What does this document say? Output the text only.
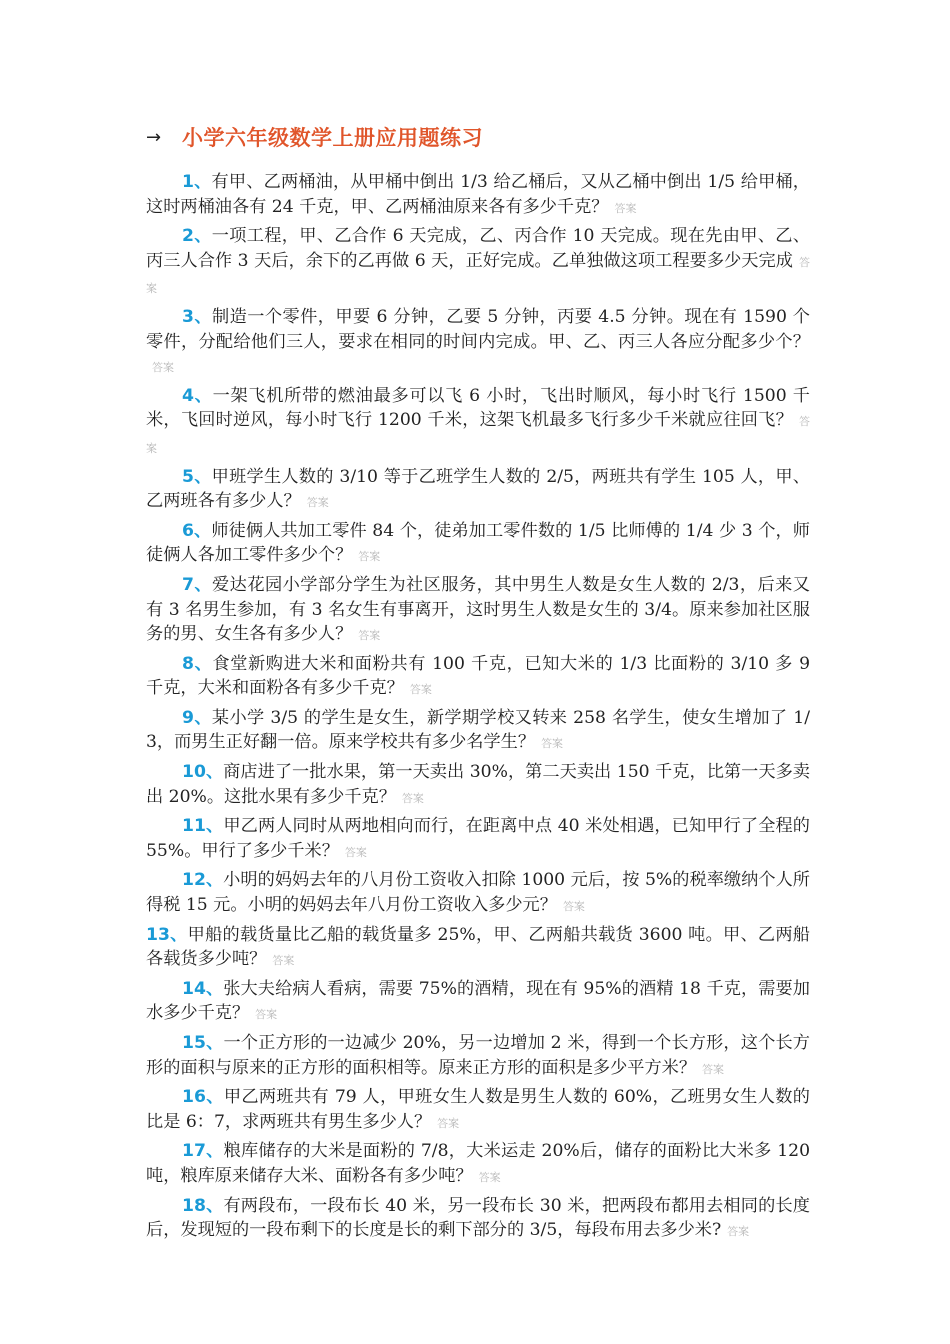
→ 小学六年级数学上册应用题练习

1、有甲、乙两桶油，从甲桶中倒出 1/3 给乙桶后，又从乙桶中倒出 1/5 给甲桶，这时两桶油各有 24 千克，甲、乙两桶油原来各有多少千克？ 答案

2、一项工程，甲、乙合作 6 天完成，乙、丙合作 10 天完成。现在先由甲、乙、丙三人合作 3 天后，余下的乙再做 6 天，正好完成。乙单独做这项工程要多少天完成 答案

3、制造一个零件，甲要 6 分钟，乙要 5 分钟，丙要 4.5 分钟。现在有 1590 个零件，分配给他们三人，要求在相同的时间内完成。甲、乙、丙三人各应分配多少个？答案

4、一架飞机所带的燃油最多可以飞 6 小时，飞出时顺风，每小时飞行 1500 千米，飞回时逆风，每小时飞行 1200 千米，这架飞机最多飞行多少千米就应往回飞？ 答案

5、甲班学生人数的 3/10 等于乙班学生人数的 2/5，两班共有学生 105 人，甲、乙两班各有多少人？ 答案

6、师徒俩人共加工零件 84 个，徒弟加工零件数的 1/5 比师傅的 1/4 少 3 个，师徒俩人各加工零件多少个？ 答案

7、爱达花园小学部分学生为社区服务，其中男生人数是女生人数的 2/3，后来又有 3 名男生参加，有 3 名女生有事离开，这时男生人数是女生的 3/4。原来参加社区服务的男、女生各有多少人？ 答案

8、食堂新购进大米和面粉共有 100 千克，已知大米的 1/3 比面粉的 3/10 多 9 千克，大米和面粉各有多少千克？ 答案

9、某小学 3/5 的学生是女生，新学期学校又转来 258 名学生，使女生增加了 1/3，而男生正好翻一倍。原来学校共有多少名学生？ 答案

10、商店进了一批水果，第一天卖出 30%，第二天卖出 150 千克，比第一天多卖出 20%。这批水果有多少千克？ 答案

11、甲乙两人同时从两地相向而行，在距离中点 40 米处相遇，已知甲行了全程的 55%。甲行了多少千米？ 答案

12、小明的妈妈去年的八月份工资收入扣除 1000 元后，按 5%的税率缴纳个人所得税 15 元。小明的妈妈去年八月份工资收入多少元？ 答案

13、甲船的载货量比乙船的载货量多 25%，甲、乙两船共载货 3600 吨。甲、乙两船各载货多少吨？ 答案

14、张大夫给病人看病，需要 75%的酒精，现在有 95%的酒精 18 千克，需要加水多少千克？ 答案

15、一个正方形的一边减少 20%，另一边增加 2 米，得到一个长方形，这个长方形的面积与原来的正方形的面积相等。原来正方形的面积是多少平方米？ 答案

16、甲乙两班共有 79 人，甲班女生人数是男生人数的 60%，乙班男女生人数的比是 6：7，求两班共有男生多少人？ 答案

17、粮库储存的大米是面粉的 7/8，大米运走 20%后，储存的面粉比大米多 120 吨，粮库原来储存大米、面粉各有多少吨？ 答案

18、有两段布，一段布长 40 米，另一段布长 30 米，把两段布都用去相同的长度后，发现短的一段布剩下的长度是长的剩下部分的 3/5，每段布用去多少米? 答案
